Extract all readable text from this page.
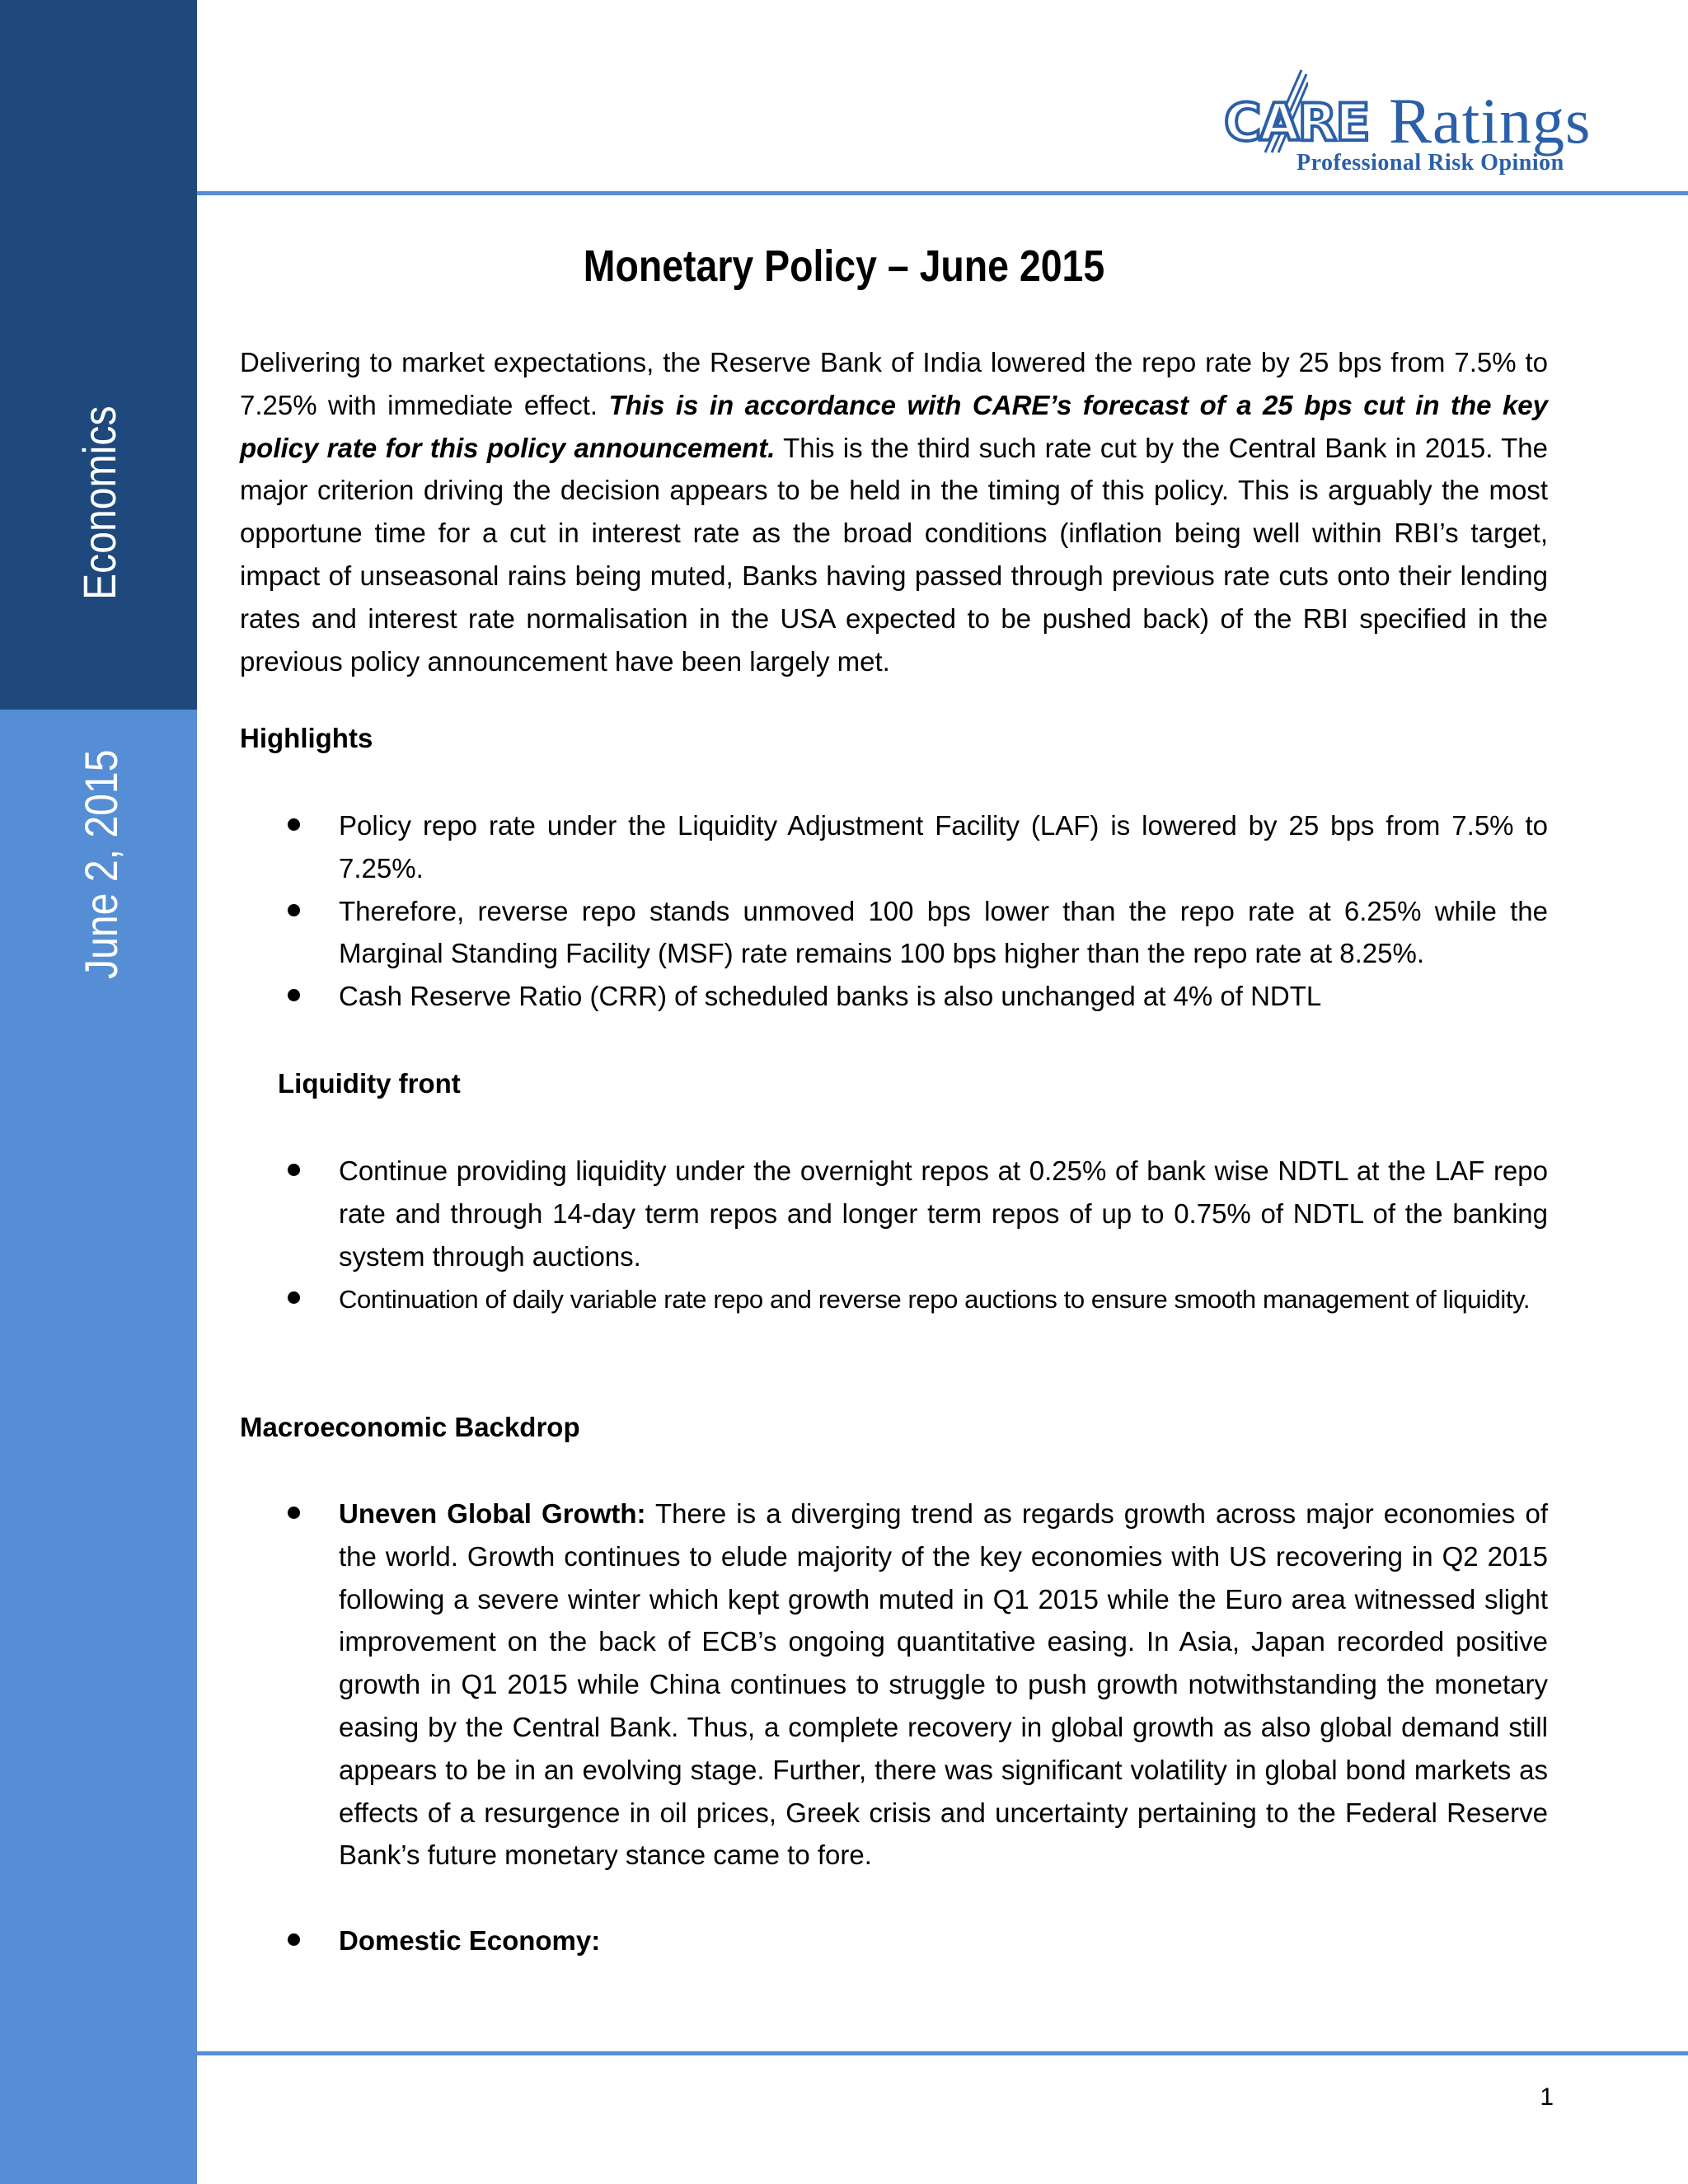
Economics
June 2, 2015
CARE Ratings
Professional Risk Opinion
Monetary Policy – June 2015

Delivering to market expectations, the Reserve Bank of India lowered the repo rate by 25 bps from 7.5% to 7.25% with immediate effect. This is in accordance with CARE’s forecast of a 25 bps cut in the key policy rate for this policy announcement. This is the third such rate cut by the Central Bank in 2015. The major criterion driving the decision appears to be held in the timing of this policy. This is arguably the most opportune time for a cut in interest rate as the broad conditions (inflation being well within RBI’s target, impact of unseasonal rains being muted, Banks having passed through previous rate cuts onto their lending rates and interest rate normalisation in the USA expected to be pushed back) of the RBI specified in the previous policy announcement have been largely met.

Highlights

Policy repo rate under the Liquidity Adjustment Facility (LAF) is lowered by 25 bps from 7.5% to 7.25%.
Therefore, reverse repo stands unmoved 100 bps lower than the repo rate at 6.25% while the Marginal Standing Facility (MSF) rate remains 100 bps higher than the repo rate at 8.25%.
Cash Reserve Ratio (CRR) of scheduled banks is also unchanged at 4% of NDTL

Liquidity front

Continue providing liquidity under the overnight repos at 0.25% of bank wise NDTL at the LAF repo rate and through 14-day term repos and longer term repos of up to 0.75% of NDTL of the banking system through auctions.
Continuation of daily variable rate repo and reverse repo auctions to ensure smooth management of liquidity.

Macroeconomic Backdrop

Uneven Global Growth: There is a diverging trend as regards growth across major economies of the world. Growth continues to elude majority of the key economies with US recovering in Q2 2015 following a severe winter which kept growth muted in Q1 2015 while the Euro area witnessed slight improvement on the back of ECB’s ongoing quantitative easing. In Asia, Japan recorded positive growth in Q1 2015 while China continues to struggle to push growth notwithstanding the monetary easing by the Central Bank. Thus, a complete recovery in global growth as also global demand still appears to be in an evolving stage. Further, there was significant volatility in global bond markets as effects of a resurgence in oil prices, Greek crisis and uncertainty pertaining to the Federal Reserve Bank’s future monetary stance came to fore.
Domestic Economy:
1
